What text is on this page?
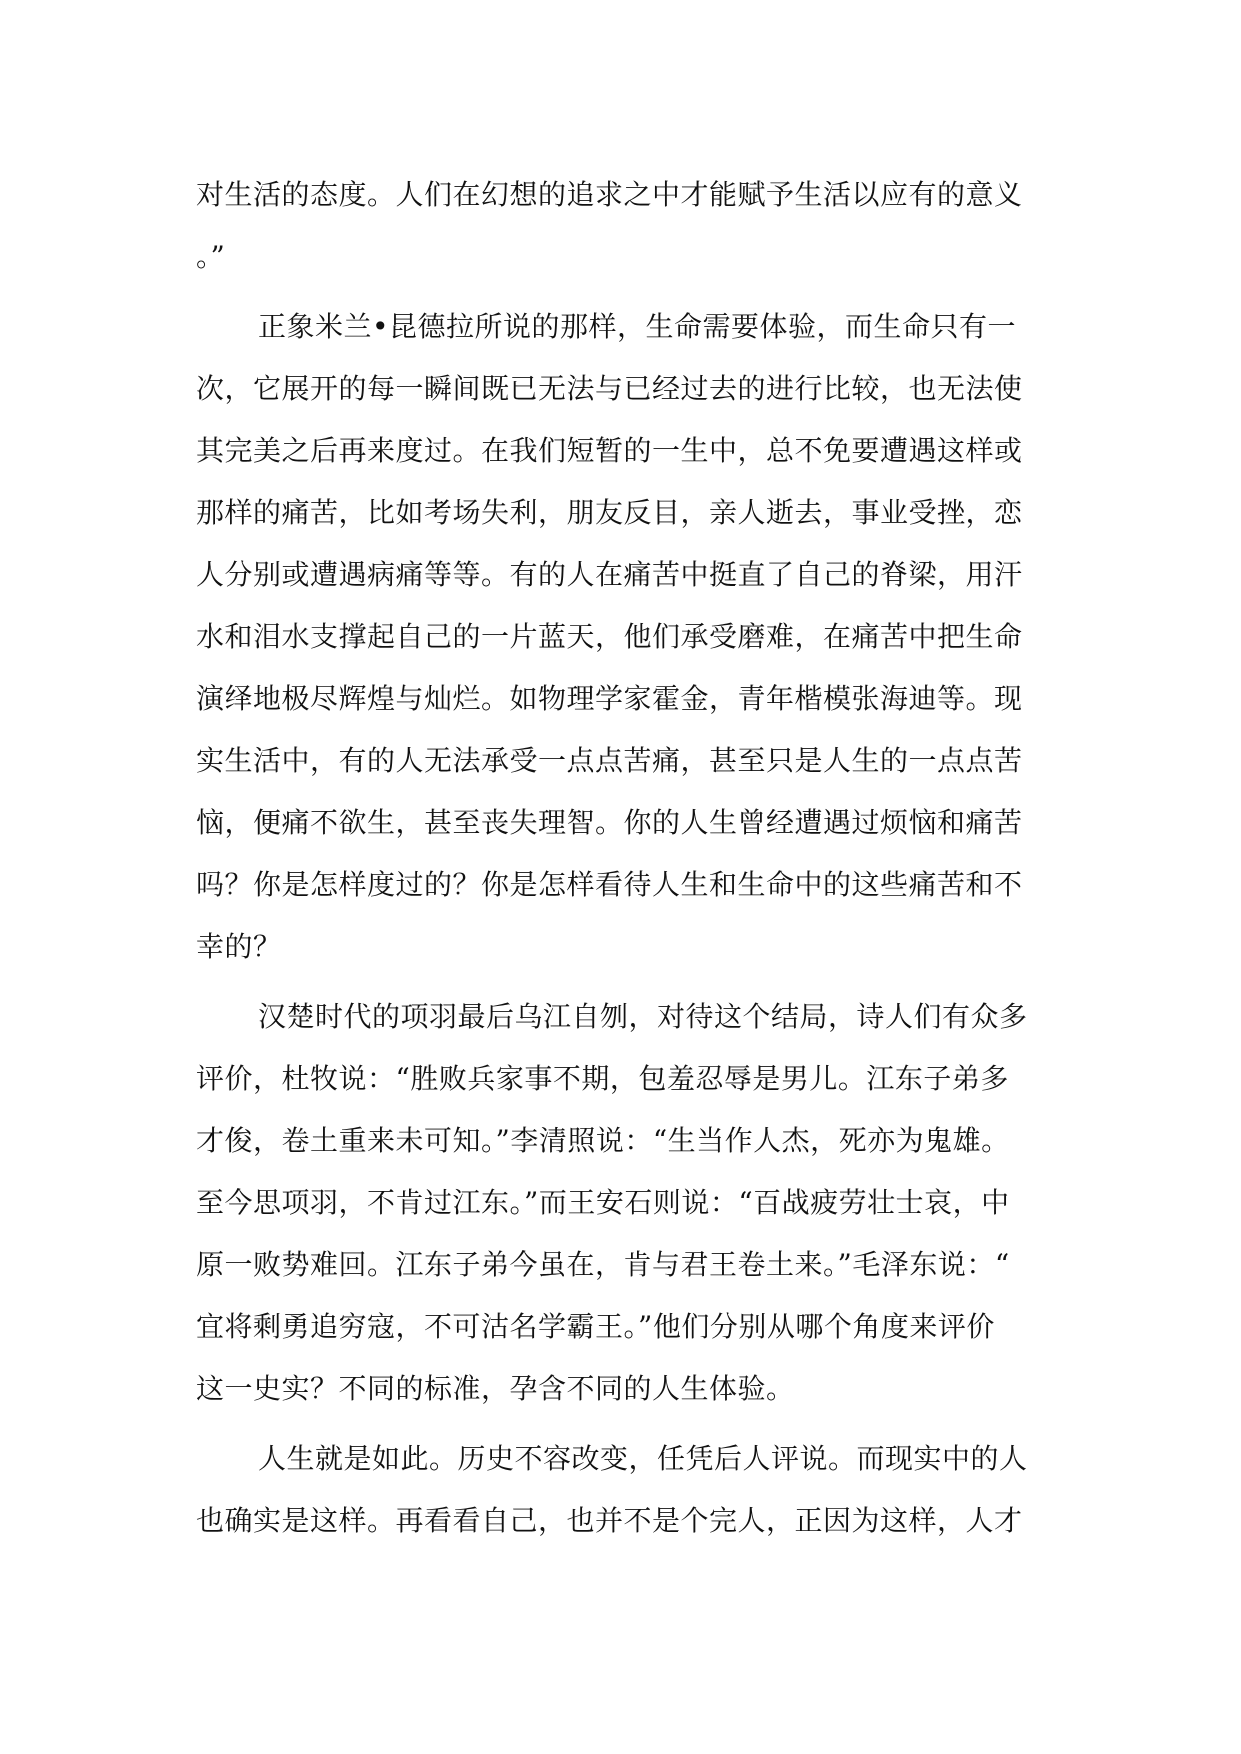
对生活的态度。人们在幻想的追求之中才能赋予生活以应有的意义
。”
正象米兰•昆德拉所说的那样，生命需要体验，而生命只有一
次，它展开的每一瞬间既已无法与已经过去的进行比较，也无法使
其完美之后再来度过。在我们短暂的一生中，总不免要遭遇这样或
那样的痛苦，比如考场失利，朋友反目，亲人逝去，事业受挫，恋
人分别或遭遇病痛等等。有的人在痛苦中挺直了自己的脊梁，用汗
水和泪水支撑起自己的一片蓝天，他们承受磨难，在痛苦中把生命
演绎地极尽辉煌与灿烂。如物理学家霍金，青年楷模张海迪等。现
实生活中，有的人无法承受一点点苦痛，甚至只是人生的一点点苦
恼，便痛不欲生，甚至丧失理智。你的人生曾经遭遇过烦恼和痛苦
吗？你是怎样度过的？你是怎样看待人生和生命中的这些痛苦和不
幸的？
汉楚时代的项羽最后乌江自刎，对待这个结局，诗人们有众多
评价，杜牧说：“胜败兵家事不期，包羞忍辱是男儿。江东子弟多
才俊，卷土重来未可知。”李清照说：“生当作人杰，死亦为鬼雄。
至今思项羽，不肯过江东。”而王安石则说：“百战疲劳壮士哀，中
原一败势难回。江东子弟今虽在，肯与君王卷土来。”毛泽东说：“
宜将剩勇追穷寇，不可沽名学霸王。”他们分别从哪个角度来评价
这一史实？不同的标准，孕含不同的人生体验。
人生就是如此。历史不容改变，任凭后人评说。而现实中的人
也确实是这样。再看看自己，也并不是个完人，正因为这样，人才
